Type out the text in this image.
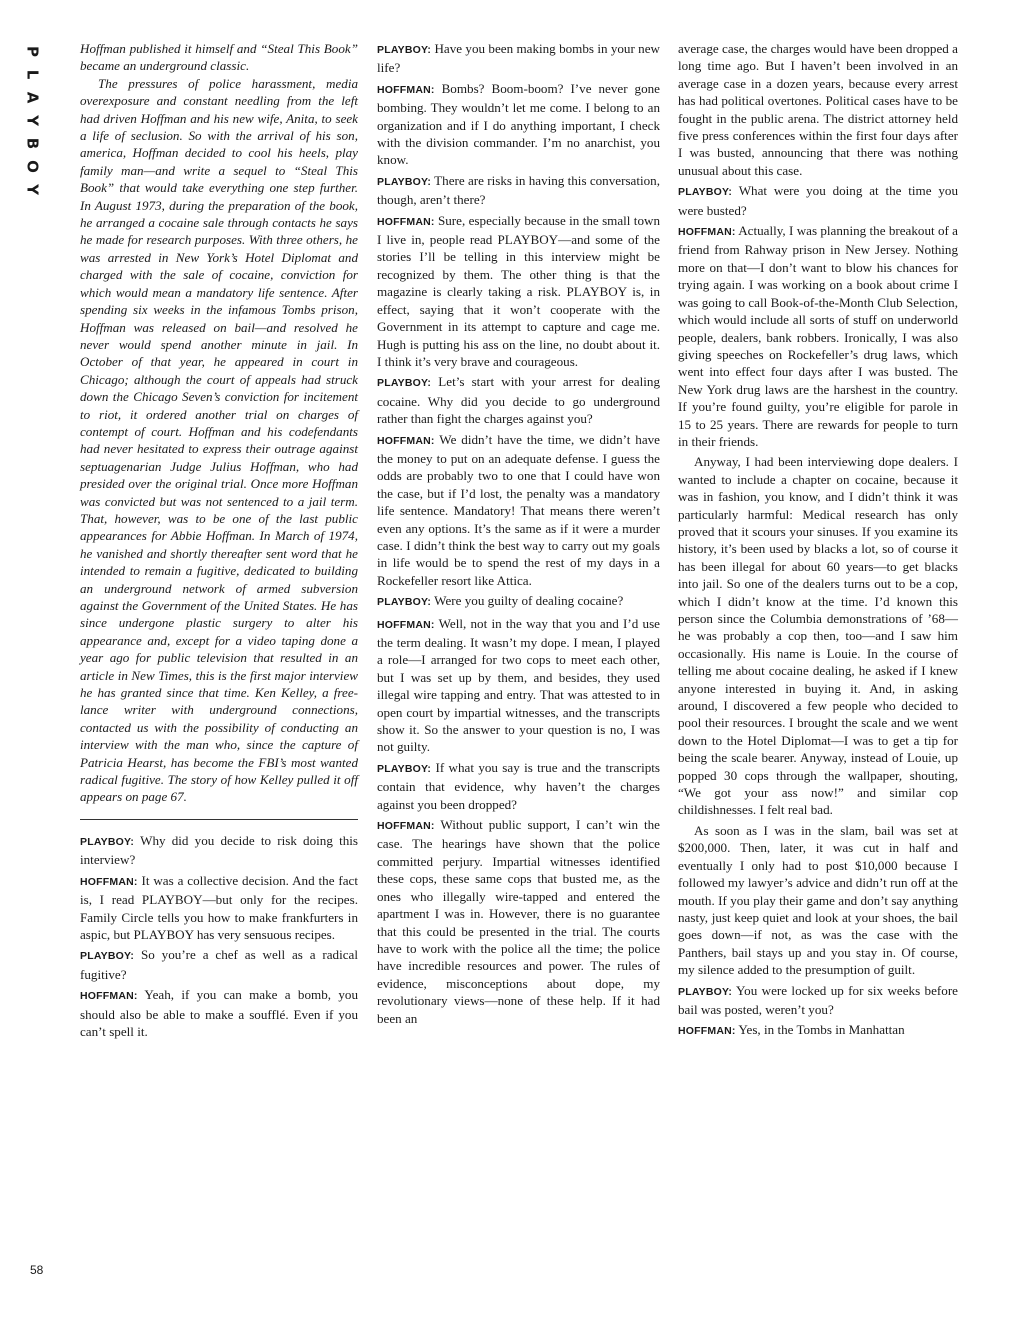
P
L
A
Y
B
O
Y

Hoffman published it himself and “Steal This Book” became an underground classic.

The pressures of police harassment, media overexposure and constant needling from the left had driven Hoffman and his new wife, Anita, to seek a life of seclusion. So with the arrival of his son, america, Hoffman decided to cool his heels, play family man—and write a sequel to “Steal This Book” that would take everything one step further. In August 1973, during the preparation of the book, he arranged a cocaine sale through contacts he says he made for research purposes. With three others, he was arrested in New York’s Hotel Diplomat and charged with the sale of cocaine, conviction for which would mean a mandatory life sentence. After spending six weeks in the infamous Tombs prison, Hoffman was released on bail—and resolved he never would spend another minute in jail. In October of that year, he appeared in court in Chicago; although the court of appeals had struck down the Chicago Seven’s conviction for incitement to riot, it ordered another trial on charges of contempt of court. Hoffman and his codefendants had never hesitated to express their outrage against septuagenarian Judge Julius Hoffman, who had presided over the original trial. Once more Hoffman was convicted but was not sentenced to a jail term. That, however, was to be one of the last public appearances for Abbie Hoffman. In March of 1974, he vanished and shortly thereafter sent word that he intended to remain a fugitive, dedicated to building an underground network of armed subversion against the Government of the United States. He has since undergone plastic surgery to alter his appearance and, except for a video taping done a year ago for public television that resulted in an article in New Times, this is the first major interview he has granted since that time. Ken Kelley, a free-lance writer with underground connections, contacted us with the possibility of conducting an interview with the man who, since the capture of Patricia Hearst, has become the FBI’s most wanted radical fugitive. The story of how Kelley pulled it off appears on page 67.

PLAYBOY: Why did you decide to risk doing this interview?

HOFFMAN: It was a collective decision. And the fact is, I read PLAYBOY—but only for the recipes. Family Circle tells you how to make frankfurters in aspic, but PLAYBOY has very sensuous recipes.

PLAYBOY: So you’re a chef as well as a radical fugitive?

HOFFMAN: Yeah, if you can make a bomb, you should also be able to make a soufflé. Even if you can’t spell it.

PLAYBOY: Have you been making bombs in your new life?

HOFFMAN: Bombs? Boom-boom? I’ve never gone bombing. They wouldn’t let me come. I belong to an organization and if I do anything important, I check with the division commander. I’m no anarchist, you know.

PLAYBOY: There are risks in having this conversation, though, aren’t there?

HOFFMAN: Sure, especially because in the small town I live in, people read PLAYBOY—and some of the stories I’ll be telling in this interview might be recognized by them. The other thing is that the magazine is clearly taking a risk. PLAYBOY is, in effect, saying that it won’t cooperate with the Government in its attempt to capture and cage me. Hugh is putting his ass on the line, no doubt about it. I think it’s very brave and courageous.

PLAYBOY: Let’s start with your arrest for dealing cocaine. Why did you decide to go underground rather than fight the charges against you?

HOFFMAN: We didn’t have the time, we didn’t have the money to put on an adequate defense. I guess the odds are probably two to one that I could have won the case, but if I’d lost, the penalty was a mandatory life sentence. Mandatory! That means there weren’t even any options. It’s the same as if it were a murder case. I didn’t think the best way to carry out my goals in life would be to spend the rest of my days in a Rockefeller resort like Attica.

PLAYBOY: Were you guilty of dealing cocaine?

HOFFMAN: Well, not in the way that you and I’d use the term dealing. It wasn’t my dope. I mean, I played a role—I arranged for two cops to meet each other, but I was set up by them, and besides, they used illegal wire tapping and entry. That was attested to in open court by impartial witnesses, and the transcripts show it. So the answer to your question is no, I was not guilty.

PLAYBOY: If what you say is true and the transcripts contain that evidence, why haven’t the charges against you been dropped?

HOFFMAN: Without public support, I can’t win the case. The hearings have shown that the police committed perjury. Impartial witnesses identified these cops, these same cops that busted me, as the ones who illegally wire-tapped and entered the apartment I was in. However, there is no guarantee that this could be presented in the trial. The courts have to work with the police all the time; the police have incredible resources and power. The rules of evidence, misconceptions about dope, my revolutionary views—none of these help. If it had been an

average case, the charges would have been dropped a long time ago. But I haven’t been involved in an average case in a dozen years, because every arrest has had political overtones. Political cases have to be fought in the public arena. The district attorney held five press conferences within the first four days after I was busted, announcing that there was nothing unusual about this case.

PLAYBOY: What were you doing at the time you were busted?

HOFFMAN: Actually, I was planning the breakout of a friend from Rahway prison in New Jersey. Nothing more on that—I don’t want to blow his chances for trying again. I was working on a book about crime I was going to call Book-of-the-Month Club Selection, which would include all sorts of stuff on underworld people, dealers, bank robbers. Ironically, I was also giving speeches on Rockefeller’s drug laws, which went into effect four days after I was busted. The New York drug laws are the harshest in the country. If you’re found guilty, you’re eligible for parole in 15 to 25 years. There are rewards for people to turn in their friends.

Anyway, I had been interviewing dope dealers. I wanted to include a chapter on cocaine, because it was in fashion, you know, and I didn’t think it was particularly harmful: Medical research has only proved that it scours your sinuses. If you examine its history, it’s been used by blacks a lot, so of course it has been illegal for about 60 years—to get blacks into jail. So one of the dealers turns out to be a cop, which I didn’t know at the time. I’d known this person since the Columbia demonstrations of ’68—he was probably a cop then, too—and I saw him occasionally. His name is Louie. In the course of telling me about cocaine dealing, he asked if I knew anyone interested in buying it. And, in asking around, I discovered a few people who decided to pool their resources. I brought the scale and we went down to the Hotel Diplomat—I was to get a tip for being the scale bearer. Anyway, instead of Louie, up popped 30 cops through the wallpaper, shouting, “We got your ass now!” and similar cop childishnesses. I felt real bad.

As soon as I was in the slam, bail was set at $200,000. Then, later, it was cut in half and eventually I only had to post $10,000 because I followed my lawyer’s advice and didn’t run off at the mouth. If you play their game and don’t say anything nasty, just keep quiet and look at your shoes, the bail goes down—if not, as was the case with the Panthers, bail stays up and you stay in. Of course, my silence added to the presumption of guilt.

PLAYBOY: You were locked up for six weeks before bail was posted, weren’t you?

HOFFMAN: Yes, in the Tombs in Manhattan

58
